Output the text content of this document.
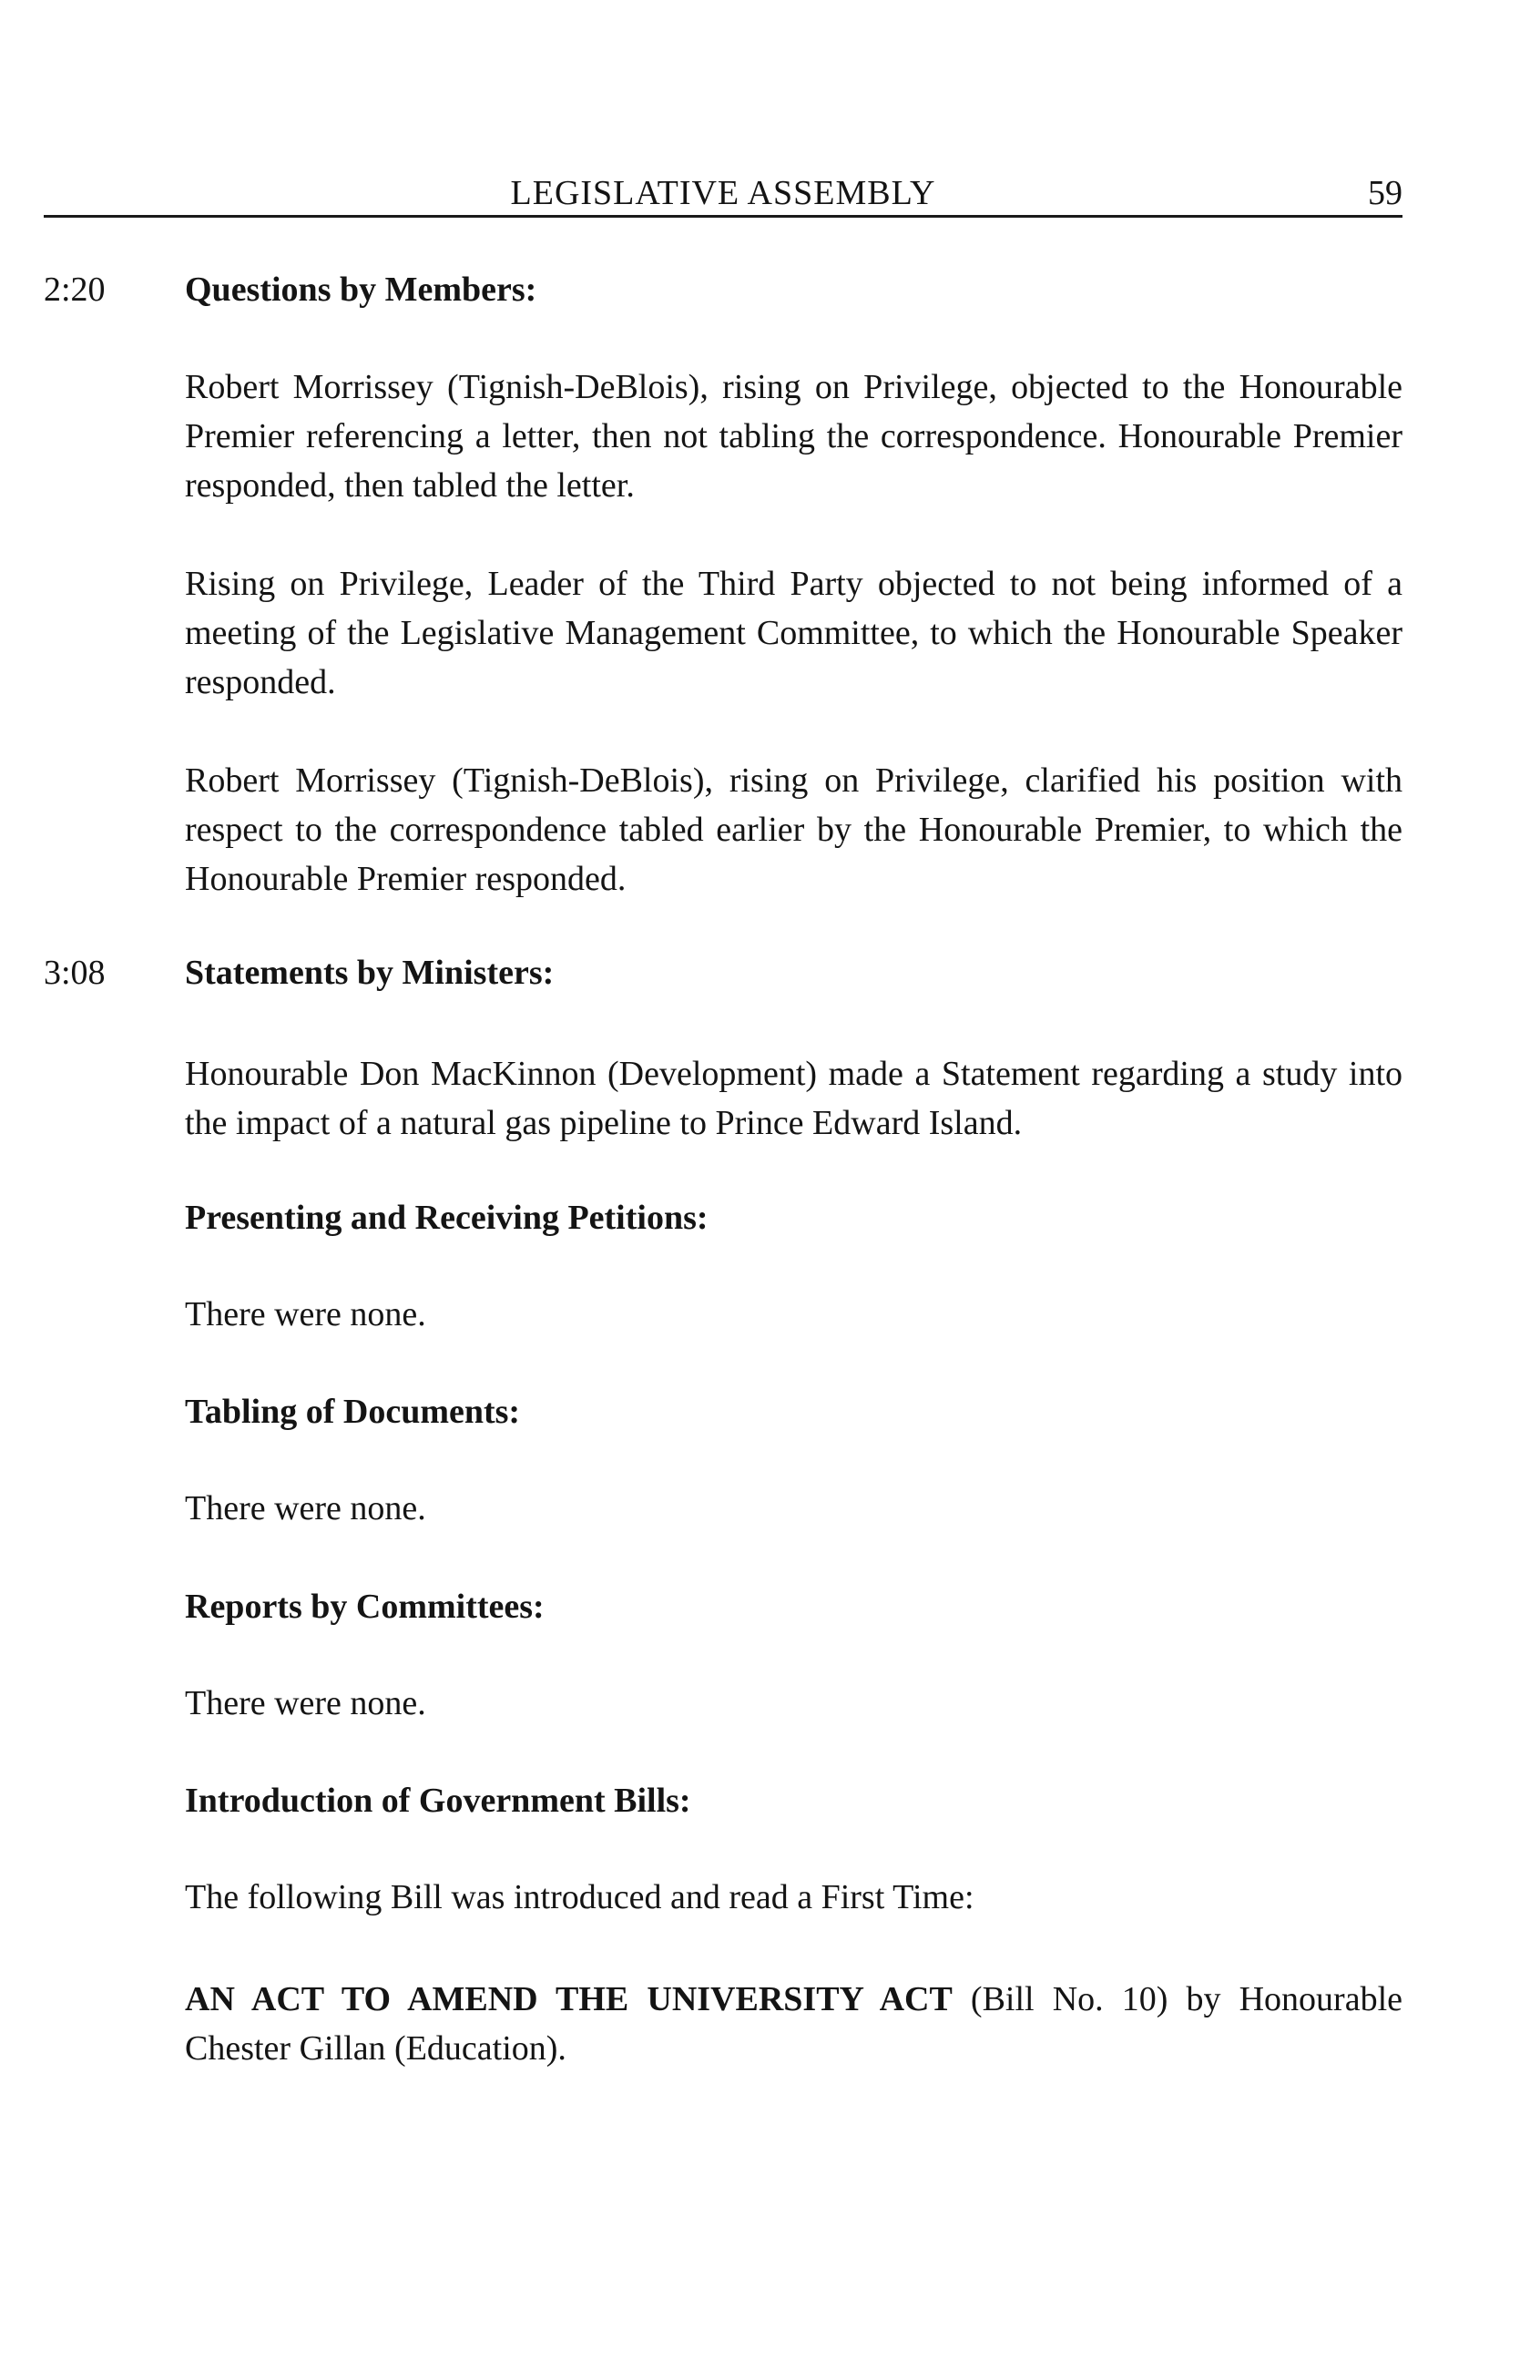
LEGISLATIVE ASSEMBLY	59
2:20
3:08
Questions by Members:
Robert Morrissey (Tignish-DeBlois), rising on Privilege, objected to the Honourable Premier referencing a letter, then not tabling the correspondence. Honourable Premier responded, then tabled the letter.
Rising on Privilege, Leader of the Third Party objected to not being informed of a meeting of the Legislative Management Committee, to which the Honourable Speaker responded.
Robert Morrissey (Tignish-DeBlois), rising on Privilege, clarified his position with respect to the correspondence tabled earlier by the Honourable Premier, to which the Honourable Premier responded.
Statements by Ministers:
Honourable Don MacKinnon (Development) made a Statement regarding a study into the impact of a natural gas pipeline to Prince Edward Island.
Presenting and Receiving Petitions:
There were none.
Tabling of Documents:
There were none.
Reports by Committees:
There were none.
Introduction of Government Bills:
The following Bill was introduced and read a First Time:
AN ACT TO AMEND THE UNIVERSITY ACT (Bill No. 10) by Honourable Chester Gillan (Education).
